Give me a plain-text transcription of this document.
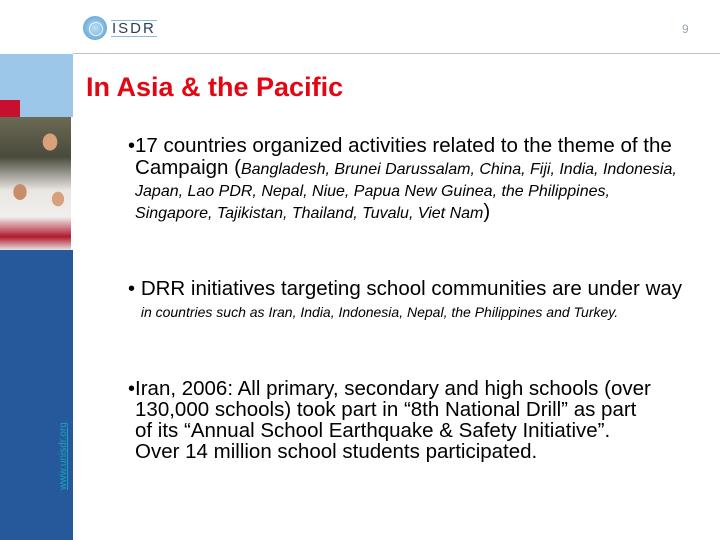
ISDR	9
www.unisdr.org
In Asia & the Pacific
• 17 countries organized activities related to the theme of the Campaign (Bangladesh, Brunei Darussalam, China, Fiji, India, Indonesia, Japan, Lao PDR, Nepal, Niue, Papua New Guinea, the Philippines, Singapore, Tajikistan, Thailand, Tuvalu, Viet Nam)
• DRR initiatives targeting school communities are under way in countries such as Iran, India, Indonesia, Nepal, the Philippines and Turkey.
• Iran, 2006: All primary, secondary and high schools (over 130,000 schools) took part in “8th National Drill” as part of its “Annual School Earthquake & Safety Initiative”. Over 14 million school students participated.
